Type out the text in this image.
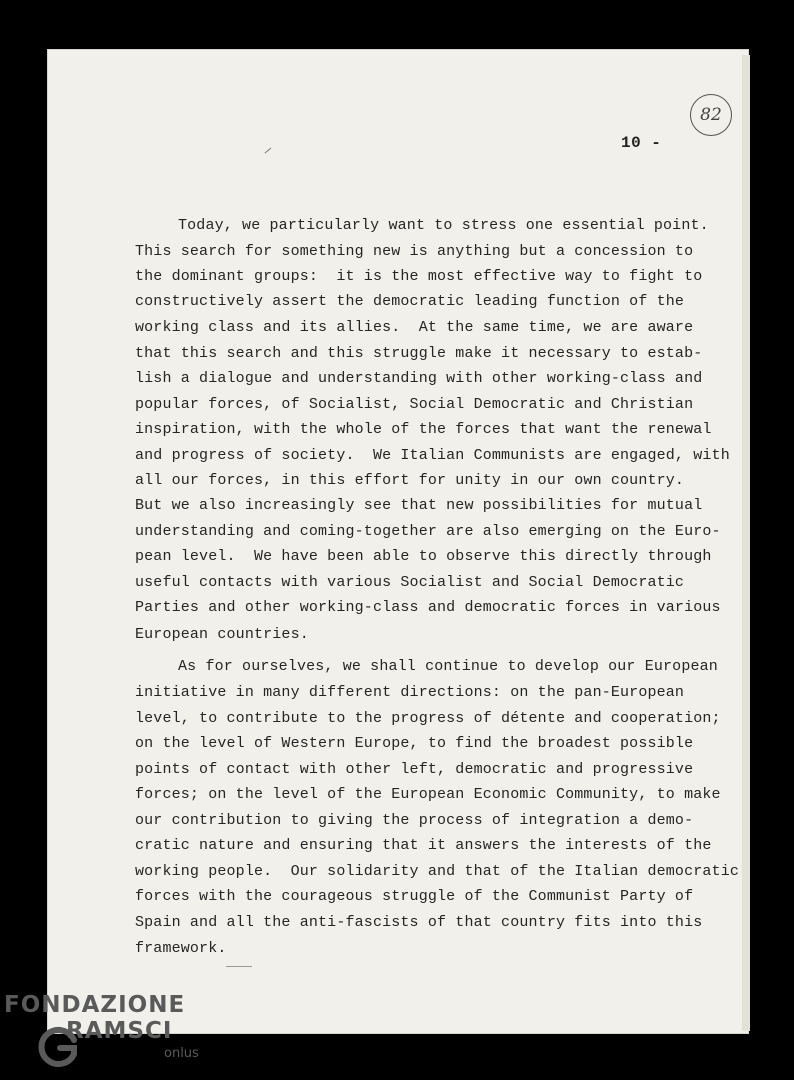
82
10 -
Today, we particularly want to stress one essential point.
This search for something new is anything but a concession to
the dominant groups:  it is the most effective way to fight to
constructively assert the democratic leading function of the
working class and its allies.  At the same time, we are aware
that this search and this struggle make it necessary to estab-
lish a dialogue and understanding with other working-class and
popular forces, of Socialist, Social Democratic and Christian
inspiration, with the whole of the forces that want the renewal
and progress of society.  We Italian Communists are engaged, with
all our forces, in this effort for unity in our own country.
But we also increasingly see that new possibilities for mutual
understanding and coming-together are also emerging on the Euro-
pean level.  We have been able to observe this directly through
useful contacts with various Socialist and Social Democratic
Parties and other working-class and democratic forces in various
European countries.
As for ourselves, we shall continue to develop our European
initiative in many different directions: on the pan-European
level, to contribute to the progress of détente and cooperation;
on the level of Western Europe, to find the broadest possible
points of contact with other left, democratic and progressive
forces; on the level of the European Economic Community, to make
our contribution to giving the process of integration a demo-
cratic nature and ensuring that it answers the interests of the
working people.  Our solidarity and that of the Italian democratic
forces with the courageous struggle of the Communist Party of
Spain and all the anti-fascists of that country fits into this
framework.
FONDAZIONE
RAMSCI
onlus
